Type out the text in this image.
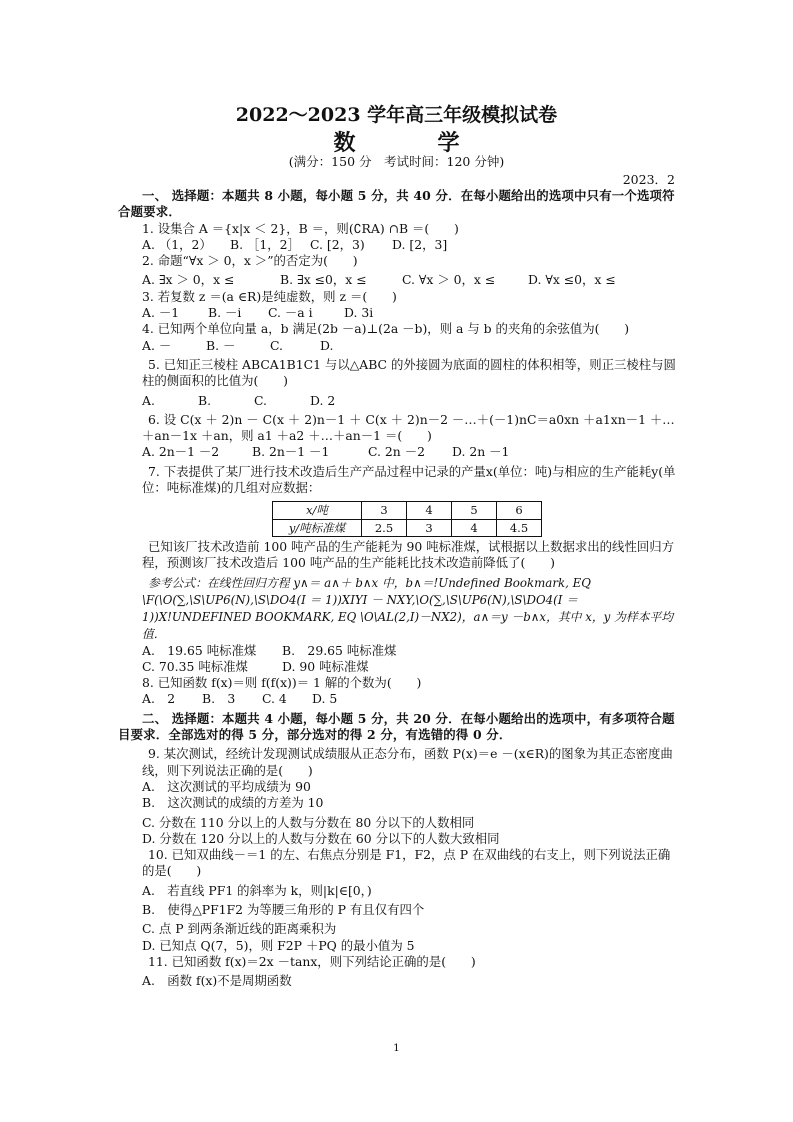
2022～2023 学年高三年级模拟试卷
数　学
(满分：150 分　考试时间：120 分钟)
2023．2

一、 选择题：本题共 8 小题，每小题 5 分，共 40 分．在每小题给出的选项中只有一个选项符合题要求．

1. 设集合 A ＝{x|x ＜ 2}，B ＝，则(∁RA) ∩B ＝(　　)

A. （1，2）	B. ［1，2］ C. [2，3)	D. [2，3]

2. 命题“∀x ＞ 0，x ＞”的否定为(　　)

A. ∃x ＞ 0，x ≤	B. ∃x ≤0，x ≤	C. ∀x ＞ 0，x ≤	D. ∀x ≤0，x ≤

3. 若复数 z ＝(a ∈R)是纯虚数，则 z ＝(　　)

A. －1	B. －i	C. －a i	D. 3i

4. 已知两个单位向量 a，b 满足(2b －a)⊥(2a －b)，则 a 与 b 的夹角的余弦值为(　　)

A. －	B. －	C.	D.

5. 已知正三棱柱 ABCA1B1C1 与以△ABC 的外接圆为底面的圆柱的体积相等，则正三棱柱与圆柱的侧面积的比值为(　　)

A.	B.	C.	D. 2

6. 设 C(x ＋ 2)n － C(x ＋ 2)n－1 ＋ C(x ＋ 2)n－2 －…＋(－1)nC＝a0xn ＋a1xn－1 ＋…＋an－1x ＋an，则 a1 ＋a2 ＋…＋an－1 ＝(　　)

A. 2n－1 －2	B. 2n－1 －1	C. 2n －2	D. 2n －1

7. 下表提供了某厂进行技术改造后生产产品过程中记录的产量x(单位：吨)与相应的生产能耗y(单位：吨标准煤)的几组对应数据：

x/吨	3	4	5	6
y/吨标准煤	2.5	3	4	4.5

已知该厂技术改造前 100 吨产品的生产能耗为 90 吨标准煤，试根据以上数据求出的线性回归方程，预测该厂技术改造后 100 吨产品的生产能耗比技术改造前降低了(　　)

参考公式：在线性回归方程 y∧＝ a∧＋ b∧x 中，b∧＝!Undefined Bookmark, EQ \F(\O(∑,\S\UP6(N),\S\DO4(I ＝ 1))XIYI － NXY,\O(∑,\S\UP6(N),\S\DO4(I ＝ 1))X!UNDEFINED BOOKMARK, EQ \O\AL(2,I)－NX2)，a∧＝y －b∧x，其中 x，y 为样本平均值．

A.　19.65 吨标准煤	B.　29.65 吨标准煤
C. 70.35 吨标准煤	D. 90 吨标准煤

8. 已知函数 f(x)＝则 f(f(x))＝ 1 解的个数为(　　)

A.　2	B.　3	C. 4	D. 5

二、 选择题：本题共 4 小题，每小题 5 分，共 20 分．在每小题给出的选项中，有多项符合题目要求．全部选对的得 5 分，部分选对的得 2 分，有选错的得 0 分．

9. 某次测试，经统计发现测试成绩服从正态分布，函数 P(x)＝e －(x∈R)的图象为其正态密度曲线，则下列说法正确的是(　　)

A.　这次测试的平均成绩为 90

B.　这次测试的成绩的方差为 10

C. 分数在 110 分以上的人数与分数在 80 分以下的人数相同

D. 分数在 120 分以上的人数与分数在 60 分以下的人数大致相同

10. 已知双曲线－＝1 的左、右焦点分别是 F1，F2，点 P 在双曲线的右支上，则下列说法正确的是(　　)

A.　若直线 PF1 的斜率为 k，则|k|∈[0，)

B.　使得△PF1F2 为等腰三角形的 P 有且仅有四个

C. 点 P 到两条渐近线的距离乘积为

D. 已知点 Q(7，5)，则 F2P ＋PQ 的最小值为 5

11. 已知函数 f(x)＝2x －tanx，则下列结论正确的是(　　)

A.　函数 f(x)不是周期函数

1
